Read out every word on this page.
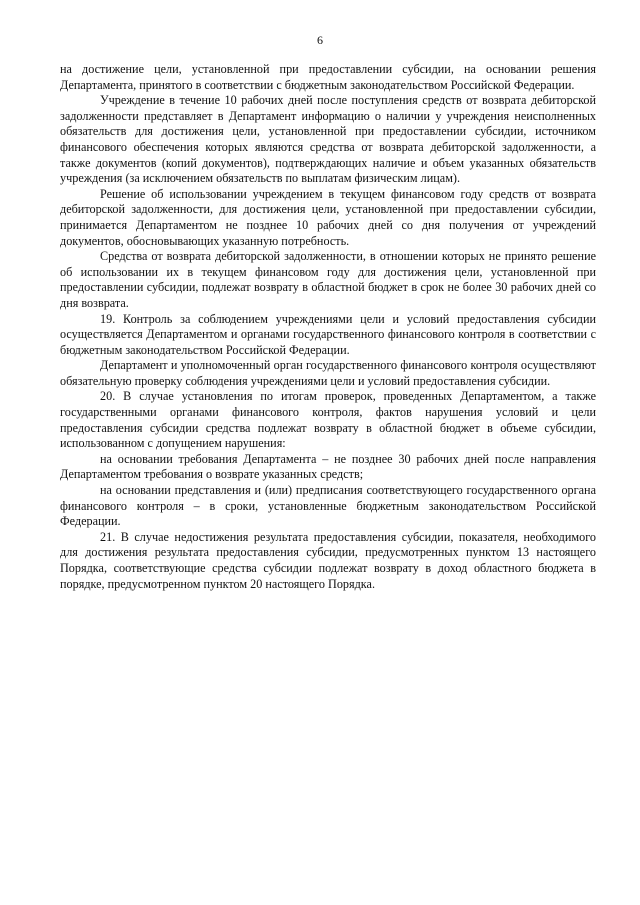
6

на достижение цели, установленной при предоставлении субсидии, на основании решения Департамента, принятого в соответствии с бюджетным законодательством Российской Федерации.

Учреждение в течение 10 рабочих дней после поступления средств от возврата дебиторской задолженности представляет в Департамент информацию о наличии у учреждения неисполненных обязательств для достижения цели, установленной при предоставлении субсидии, источником финансового обеспечения которых являются средства от возврата дебиторской задолженности, а также документов (копий документов), подтверждающих наличие и объем указанных обязательств учреждения (за исключением обязательств по выплатам физическим лицам).

Решение об использовании учреждением в текущем финансовом году средств от возврата дебиторской задолженности, для достижения цели, установленной при предоставлении субсидии, принимается Департаментом не позднее 10 рабочих дней со дня получения от учреждений документов, обосновывающих указанную потребность.

Средства от возврата дебиторской задолженности, в отношении которых не принято решение об использовании их в текущем финансовом году для достижения цели, установленной при предоставлении субсидии, подлежат возврату в областной бюджет в срок не более 30 рабочих дней со дня возврата.

19. Контроль за соблюдением учреждениями цели и условий предоставления субсидии осуществляется Департаментом и органами государственного финансового контроля в соответствии с бюджетным законодательством Российской Федерации.

Департамент и уполномоченный орган государственного финансового контроля осуществляют обязательную проверку соблюдения учреждениями цели и условий предоставления субсидии.

20. В случае установления по итогам проверок, проведенных Департаментом, а также государственными органами финансового контроля, фактов нарушения условий и цели предоставления субсидии средства подлежат возврату в областной бюджет в объеме субсидии, использованном с допущением нарушения:

на основании требования Департамента – не позднее 30 рабочих дней после направления Департаментом требования о возврате указанных средств;

на основании представления и (или) предписания соответствующего государственного органа финансового контроля – в сроки, установленные бюджетным законодательством Российской Федерации.

21. В случае недостижения результата предоставления субсидии, показателя, необходимого для достижения результата предоставления субсидии, предусмотренных пунктом 13 настоящего Порядка, соответствующие средства субсидии подлежат возврату в доход областного бюджета в порядке, предусмотренном пунктом 20 настоящего Порядка.
